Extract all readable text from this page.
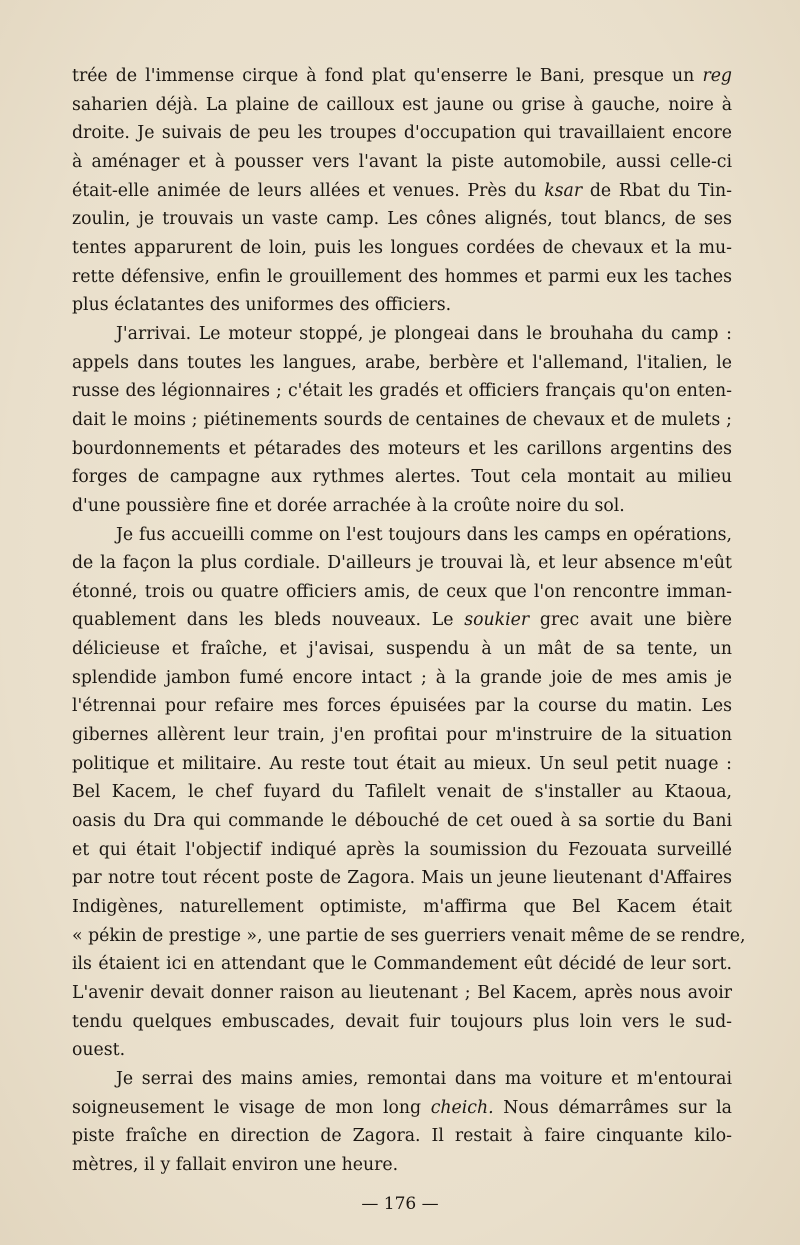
trée de l'immense cirque à fond plat qu'enserre le Bani, presque un reg
saharien déjà. La plaine de cailloux est jaune ou grise à gauche, noire à
droite. Je suivais de peu les troupes d'occupation qui travaillaient encore
à aménager et à pousser vers l'avant la piste automobile, aussi celle-ci
était-elle animée de leurs allées et venues. Près du ksar de Rbat du Tin-
zoulin, je trouvais un vaste camp. Les cônes alignés, tout blancs, de ses
tentes apparurent de loin, puis les longues cordées de chevaux et la mu-
rette défensive, enfin le grouillement des hommes et parmi eux les taches
plus éclatantes des uniformes des officiers.

J'arrivai. Le moteur stoppé, je plongeai dans le brouhaha du camp :
appels dans toutes les langues, arabe, berbère et l'allemand, l'italien, le
russe des légionnaires ; c'était les gradés et officiers français qu'on enten-
dait le moins ; piétinements sourds de centaines de chevaux et de mulets ;
bourdonnements et pétarades des moteurs et les carillons argentins des
forges de campagne aux rythmes alertes. Tout cela montait au milieu
d'une poussière fine et dorée arrachée à la croûte noire du sol.

Je fus accueilli comme on l'est toujours dans les camps en opérations,
de la façon la plus cordiale. D'ailleurs je trouvai là, et leur absence m'eût
étonné, trois ou quatre officiers amis, de ceux que l'on rencontre imman-
quablement dans les bleds nouveaux. Le soukier grec avait une bière
délicieuse et fraîche, et j'avisai, suspendu à un mât de sa tente, un
splendide jambon fumé encore intact ; à la grande joie de mes amis je
l'étrennai pour refaire mes forces épuisées par la course du matin. Les
gibernes allèrent leur train, j'en profitai pour m'instruire de la situation
politique et militaire. Au reste tout était au mieux. Un seul petit nuage :
Bel Kacem, le chef fuyard du Tafilelt venait de s'installer au Ktaoua,
oasis du Dra qui commande le débouché de cet oued à sa sortie du Bani
et qui était l'objectif indiqué après la soumission du Fezouata surveillé
par notre tout récent poste de Zagora. Mais un jeune lieutenant d'Affaires
Indigènes, naturellement optimiste, m'affirma que Bel Kacem était
« pékin de prestige », une partie de ses guerriers venait même de se rendre,
ils étaient ici en attendant que le Commandement eût décidé de leur sort.
L'avenir devait donner raison au lieutenant ; Bel Kacem, après nous avoir
tendu quelques embuscades, devait fuir toujours plus loin vers le sud-
ouest.

Je serrai des mains amies, remontai dans ma voiture et m'entourai
soigneusement le visage de mon long cheich. Nous démarrâmes sur la
piste fraîche en direction de Zagora. Il restait à faire cinquante kilo-
mètres, il y fallait environ une heure.

— 176 —
